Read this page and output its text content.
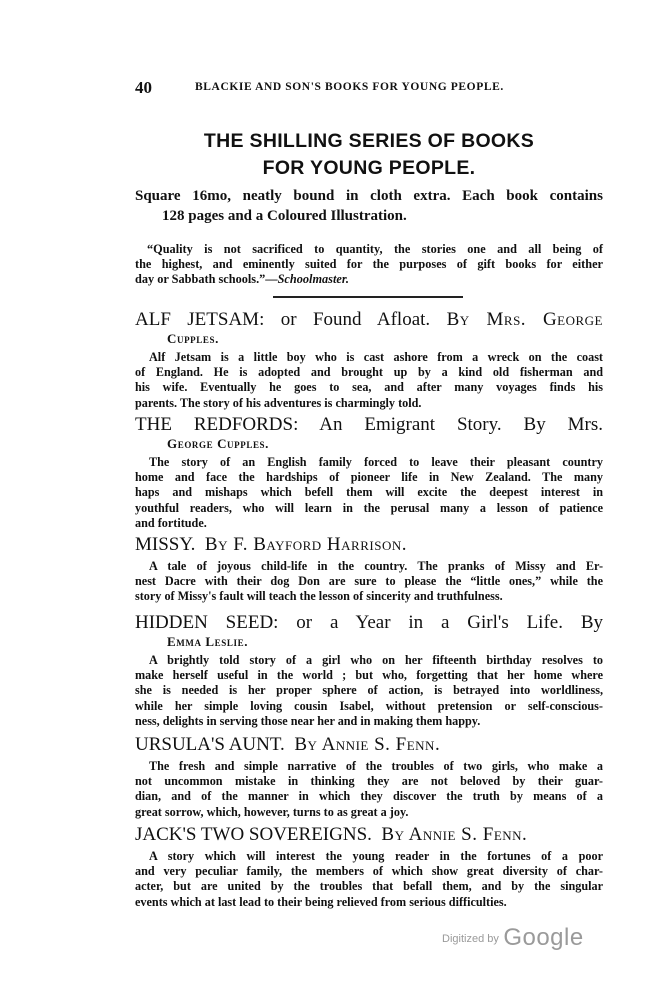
40	BLACKIE AND SON'S BOOKS FOR YOUNG PEOPLE.
THE SHILLING SERIES OF BOOKS
FOR YOUNG PEOPLE.
Square 16mo, neatly bound in cloth extra. Each book contains
128 pages and a Coloured Illustration.
“Quality is not sacrificed to quantity, the stories one and all being of
the highest, and eminently suited for the purposes of gift books for either
day or Sabbath schools.”—Schoolmaster.
ALF JETSAM: or Found Afloat. By Mrs. George
Cupples.
Alf Jetsam is a little boy who is cast ashore from a wreck on the coast
of England. He is adopted and brought up by a kind old fisherman and
his wife. Eventually he goes to sea, and after many voyages finds his
parents. The story of his adventures is charmingly told.
THE REDFORDS: An Emigrant Story. By Mrs.
George Cupples.
The story of an English family forced to leave their pleasant country
home and face the hardships of pioneer life in New Zealand. The many
haps and mishaps which befell them will excite the deepest interest in
youthful readers, who will learn in the perusal many a lesson of patience
and fortitude.
MISSY. By F. Bayford Harrison.
A tale of joyous child-life in the country. The pranks of Missy and Er-
nest Dacre with their dog Don are sure to please the “little ones,” while the
story of Missy's fault will teach the lesson of sincerity and truthfulness.
HIDDEN SEED: or a Year in a Girl's Life. By
Emma Leslie.
A brightly told story of a girl who on her fifteenth birthday resolves to
make herself useful in the world ; but who, forgetting that her home where
she is needed is her proper sphere of action, is betrayed into worldliness,
while her simple loving cousin Isabel, without pretension or self-conscious-
ness, delights in serving those near her and in making them happy.
URSULA'S AUNT. By Annie S. Fenn.
The fresh and simple narrative of the troubles of two girls, who make a
not uncommon mistake in thinking they are not beloved by their guar-
dian, and of the manner in which they discover the truth by means of a
great sorrow, which, however, turns to as great a joy.
JACK'S TWO SOVEREIGNS. By Annie S. Fenn.
A story which will interest the young reader in the fortunes of a poor
and very peculiar family, the members of which show great diversity of char-
acter, but are united by the troubles that befall them, and by the singular
events which at last lead to their being relieved from serious difficulties.
Digitized by Google
